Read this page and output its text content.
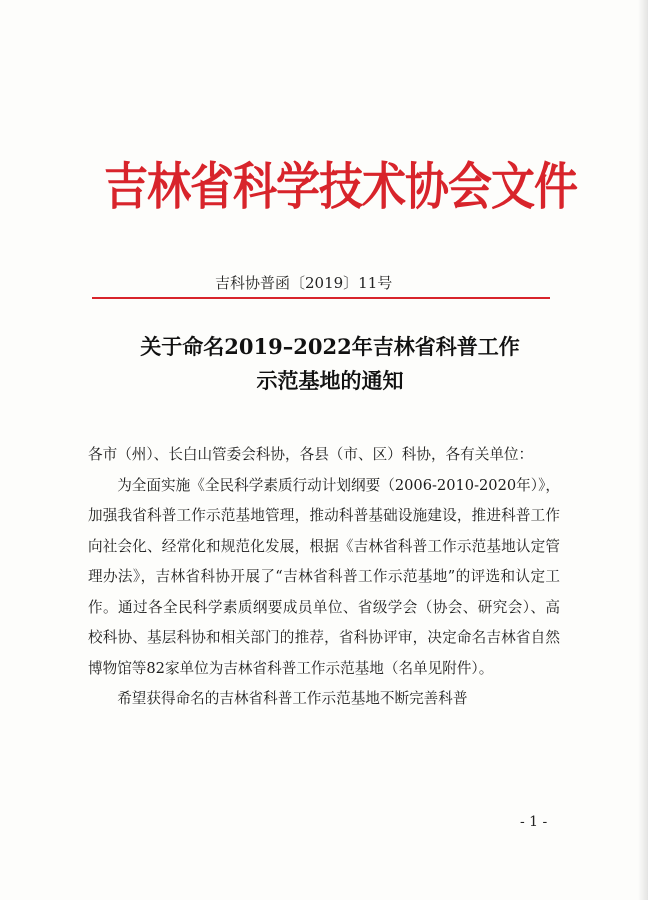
吉林省科学技术协会文件
吉科协普函〔2019〕11号
关于命名2019–2022年吉林省科普工作
示范基地的通知

各市（州）、长白山管委会科协，各县（市、区）科协，各有关单位：

为全面实施《全民科学素质行动计划纲要（2006-2010-2020年）》，加强我省科普工作示范基地管理，推动科普基础设施建设，推进科普工作向社会化、经常化和规范化发展，根据《吉林省科普工作示范基地认定管理办法》，吉林省科协开展了“吉林省科普工作示范基地”的评选和认定工作。通过各全民科学素质纲要成员单位、省级学会（协会、研究会）、高校科协、基层科协和相关部门的推荐，省科协评审，决定命名吉林省自然博物馆等82家单位为吉林省科普工作示范基地（名单见附件）。

希望获得命名的吉林省科普工作示范基地不断完善科普

- 1 -
